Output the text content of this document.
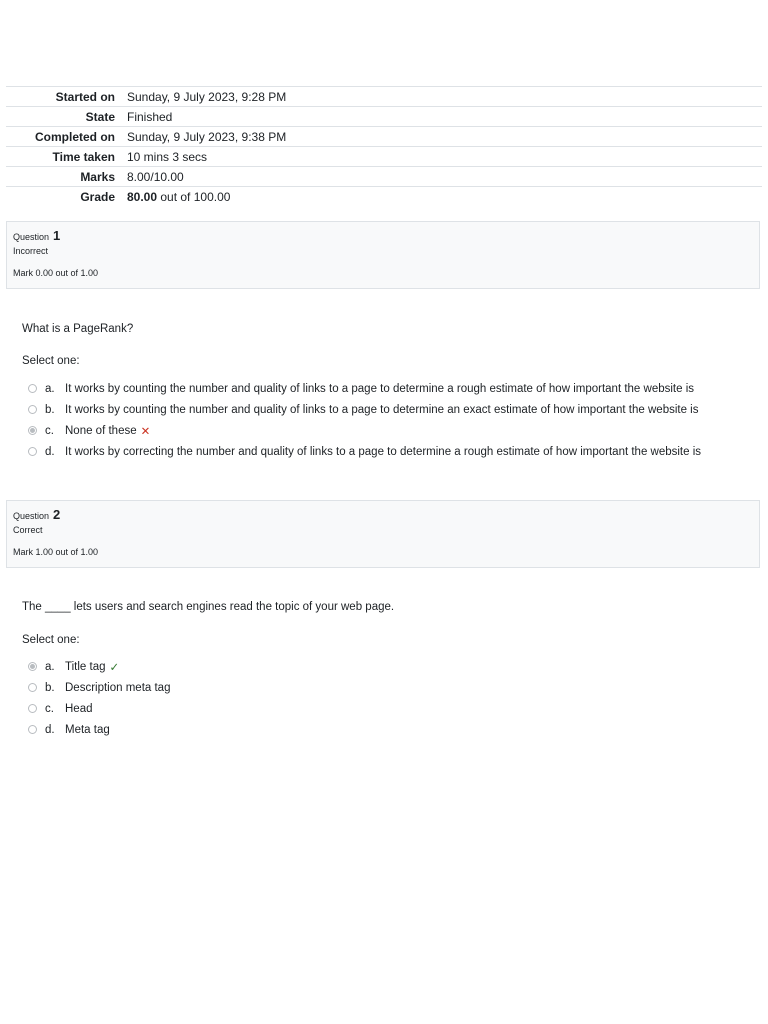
Started on	Sunday, 9 July 2023, 9:28 PM
State	Finished
Completed on	Sunday, 9 July 2023, 9:38 PM
Time taken	10 mins 3 secs
Marks	8.00/10.00
Grade	80.00 out of 100.00
Question 1
Incorrect
Mark 0.00 out of 1.00
What is a PageRank?
Select one:
a. It works by counting the number and quality of links to a page to determine a rough estimate of how important the website is
b. It works by counting the number and quality of links to a page to determine an exact estimate of how important the website is
c. None of these ✕
d. It works by correcting the number and quality of links to a page to determine a rough estimate of how important the website is
Question 2
Correct
Mark 1.00 out of 1.00
The ____ lets users and search engines read the topic of your web page.
Select one:
a. Title tag ✓
b. Description meta tag
c. Head
d. Meta tag
